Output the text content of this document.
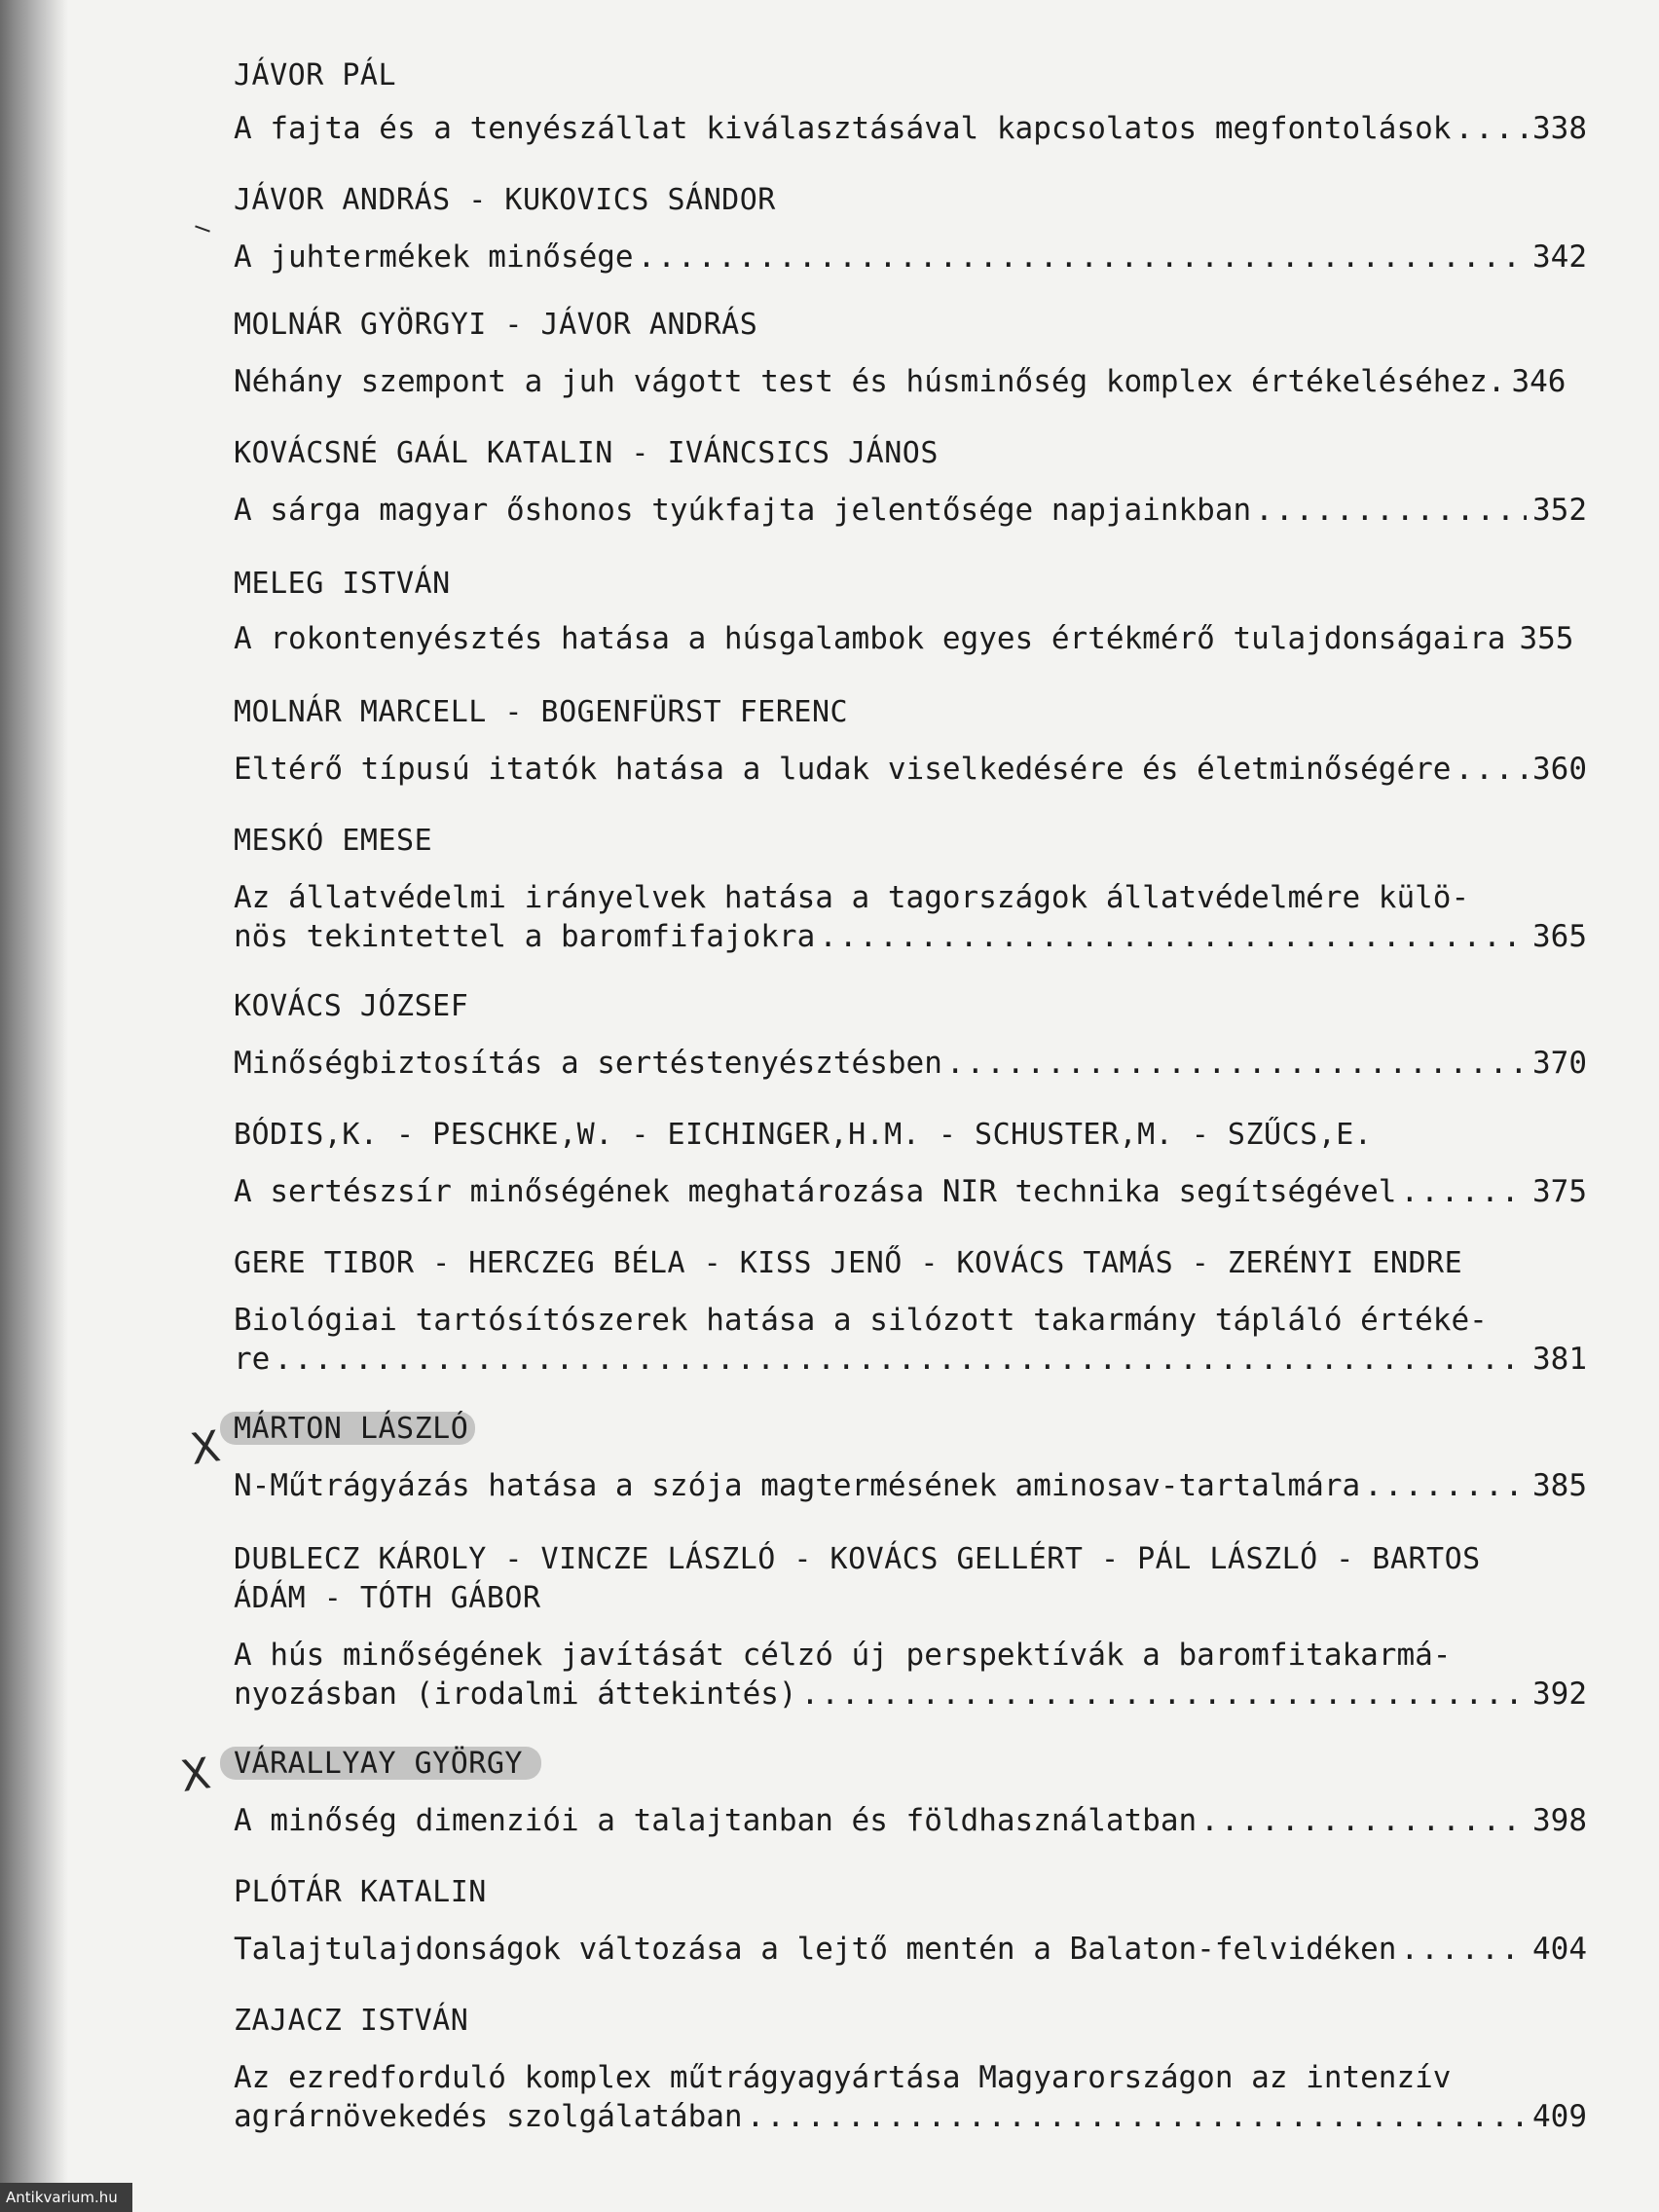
JÁVOR PÁL
A fajta és a tenyészállat kiválasztásával kapcsolatos megfontolások .....	338
JÁVOR ANDRÁS - KUKOVICS SÁNDOR
A juhtermékek minősége .....	342
MOLNÁR GYÖRGYI - JÁVOR ANDRÁS
Néhány szempont a juh vágott test és húsminőség komplex értékeléséhez. 346
KOVÁCSNÉ GAÁL KATALIN - IVÁNCSICS JÁNOS
A sárga magyar őshonos tyúkfajta jelentősége napjainkban .....	352
MELEG ISTVÁN
A rokontenyésztés hatása a húsgalambok egyes értékmérő tulajdonságaira 355
MOLNÁR MARCELL - BOGENFÜRST FERENC
Eltérő típusú itatók hatása a ludak viselkedésére és életminőségére .....	360
MESKÓ EMESE
Az állatvédelmi irányelvek hatása a tagországok állatvédelmére külö-
nös tekintettel a baromfifajokra .....	365
KOVÁCS JÓZSEF
Minőségbiztosítás a sertéstenyésztésben .....	370
BÓDIS,K. - PESCHKE,W. - EICHINGER,H.M. - SCHUSTER,M. - SZŰCS,E.
A sertészsír minőségének meghatározása NIR technika segítségével .....	375
GERE TIBOR - HERCZEG BÉLA - KISS JENŐ - KOVÁCS TAMÁS - ZERÉNYI ENDRE
Biológiai tartósítószerek hatása a silózott takarmány tápláló értéké-
re .....	381
MÁRTON LÁSZLÓ
N-Műtrágyázás hatása a szója magtermésének aminosav-tartalmára .....	385
DUBLECZ KÁROLY - VINCZE LÁSZLÓ - KOVÁCS GELLÉRT - PÁL LÁSZLÓ - BARTOS
ÁDÁM - TÓTH GÁBOR
A hús minőségének javítását célzó új perspektívák a baromfitakarmá-
nyozásban (irodalmi áttekintés) .....	392
VÁRALLYAY GYÖRGY
A minőség dimenziói a talajtanban és földhasználatban .....	398
PLÓTÁR KATALIN
Talajtulajdonságok változása a lejtő mentén a Balaton-felvidéken .....	404
ZAJACZ ISTVÁN
Az ezredforduló komplex műtrágyagyártása Magyarországon az intenzív
agrárnövekedés szolgálatában .....	409
X
X
Antikvarium.hu
